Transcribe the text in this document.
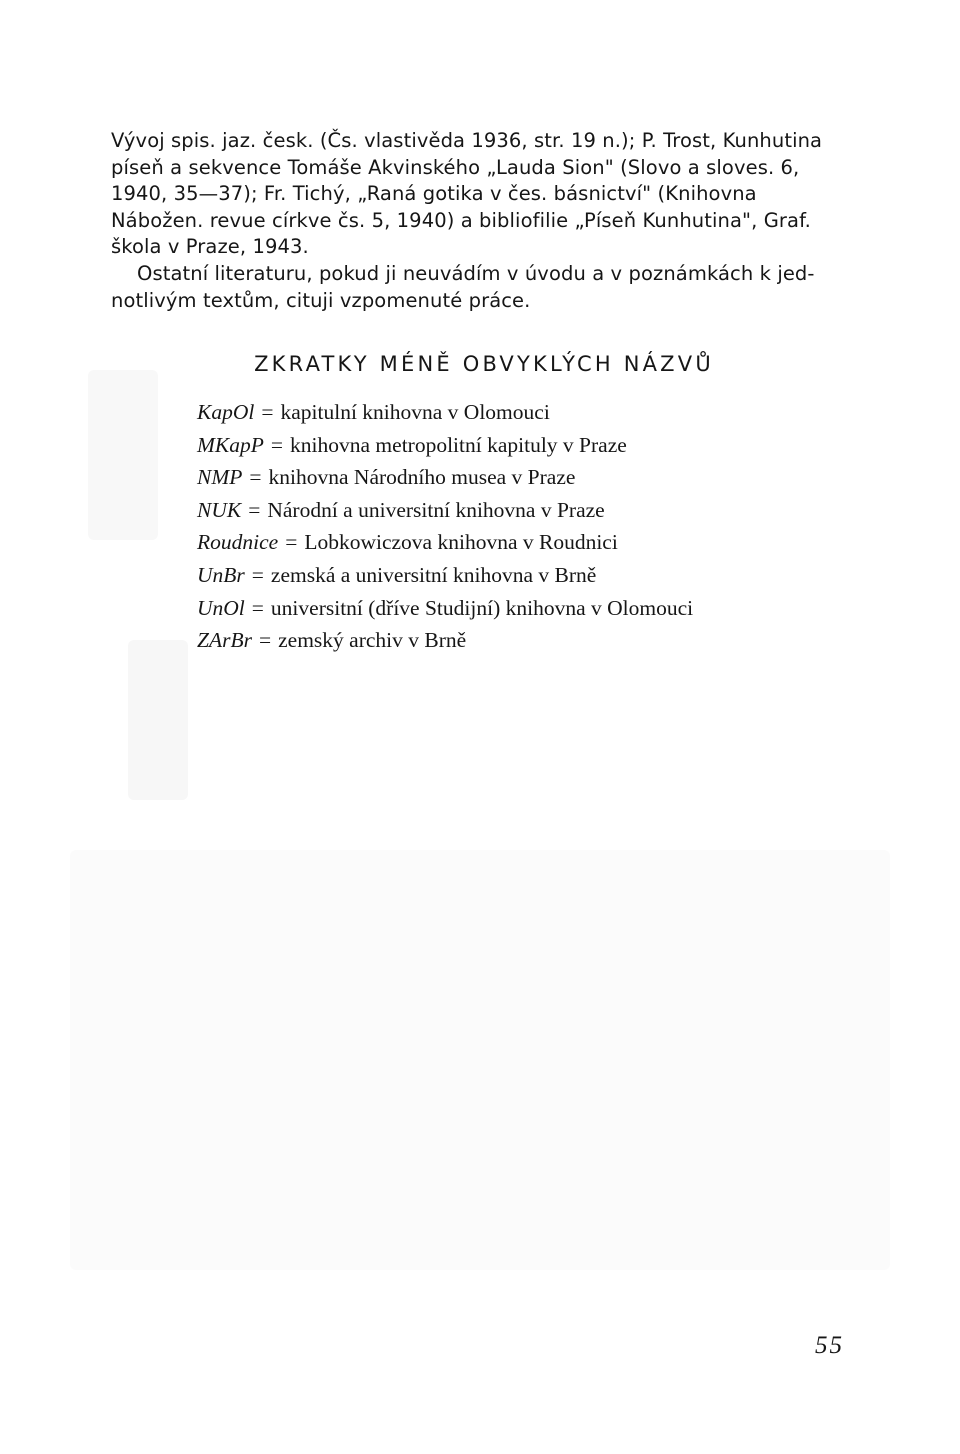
Vývoj spis. jaz. česk. (Čs. vlastivěda 1936, str. 19 n.); P. Trost, Kunhutina
píseň a sekvence Tomáše Akvinského „Lauda Sion" (Slovo a sloves. 6,
1940, 35—37); Fr. Tichý, „Raná gotika v čes. básnictví" (Knihovna
Nábožen. revue církve čs. 5, 1940) a bibliofilie „Píseň Kunhutina", Graf.
škola v Praze, 1943.

Ostatní literaturu, pokud ji neuvádím v úvodu a v poznámkách k jed-
notlivým textům, cituji vzpomenuté práce.

ZKRATKY MÉNĚ OBVYKLÝCH NÁZVŮ
KapOl = kapitulní knihovna v Olomouci
MKapP = knihovna metropolitní kapituly v Praze
NMP = knihovna Národního musea v Praze
NUK = Národní a universitní knihovna v Praze
Roudnice = Lobkowiczova knihovna v Roudnici
UnBr = zemská a universitní knihovna v Brně
UnOl = universitní (dříve Studijní) knihovna v Olomouci
ZArBr = zemský archiv v Brně
55
